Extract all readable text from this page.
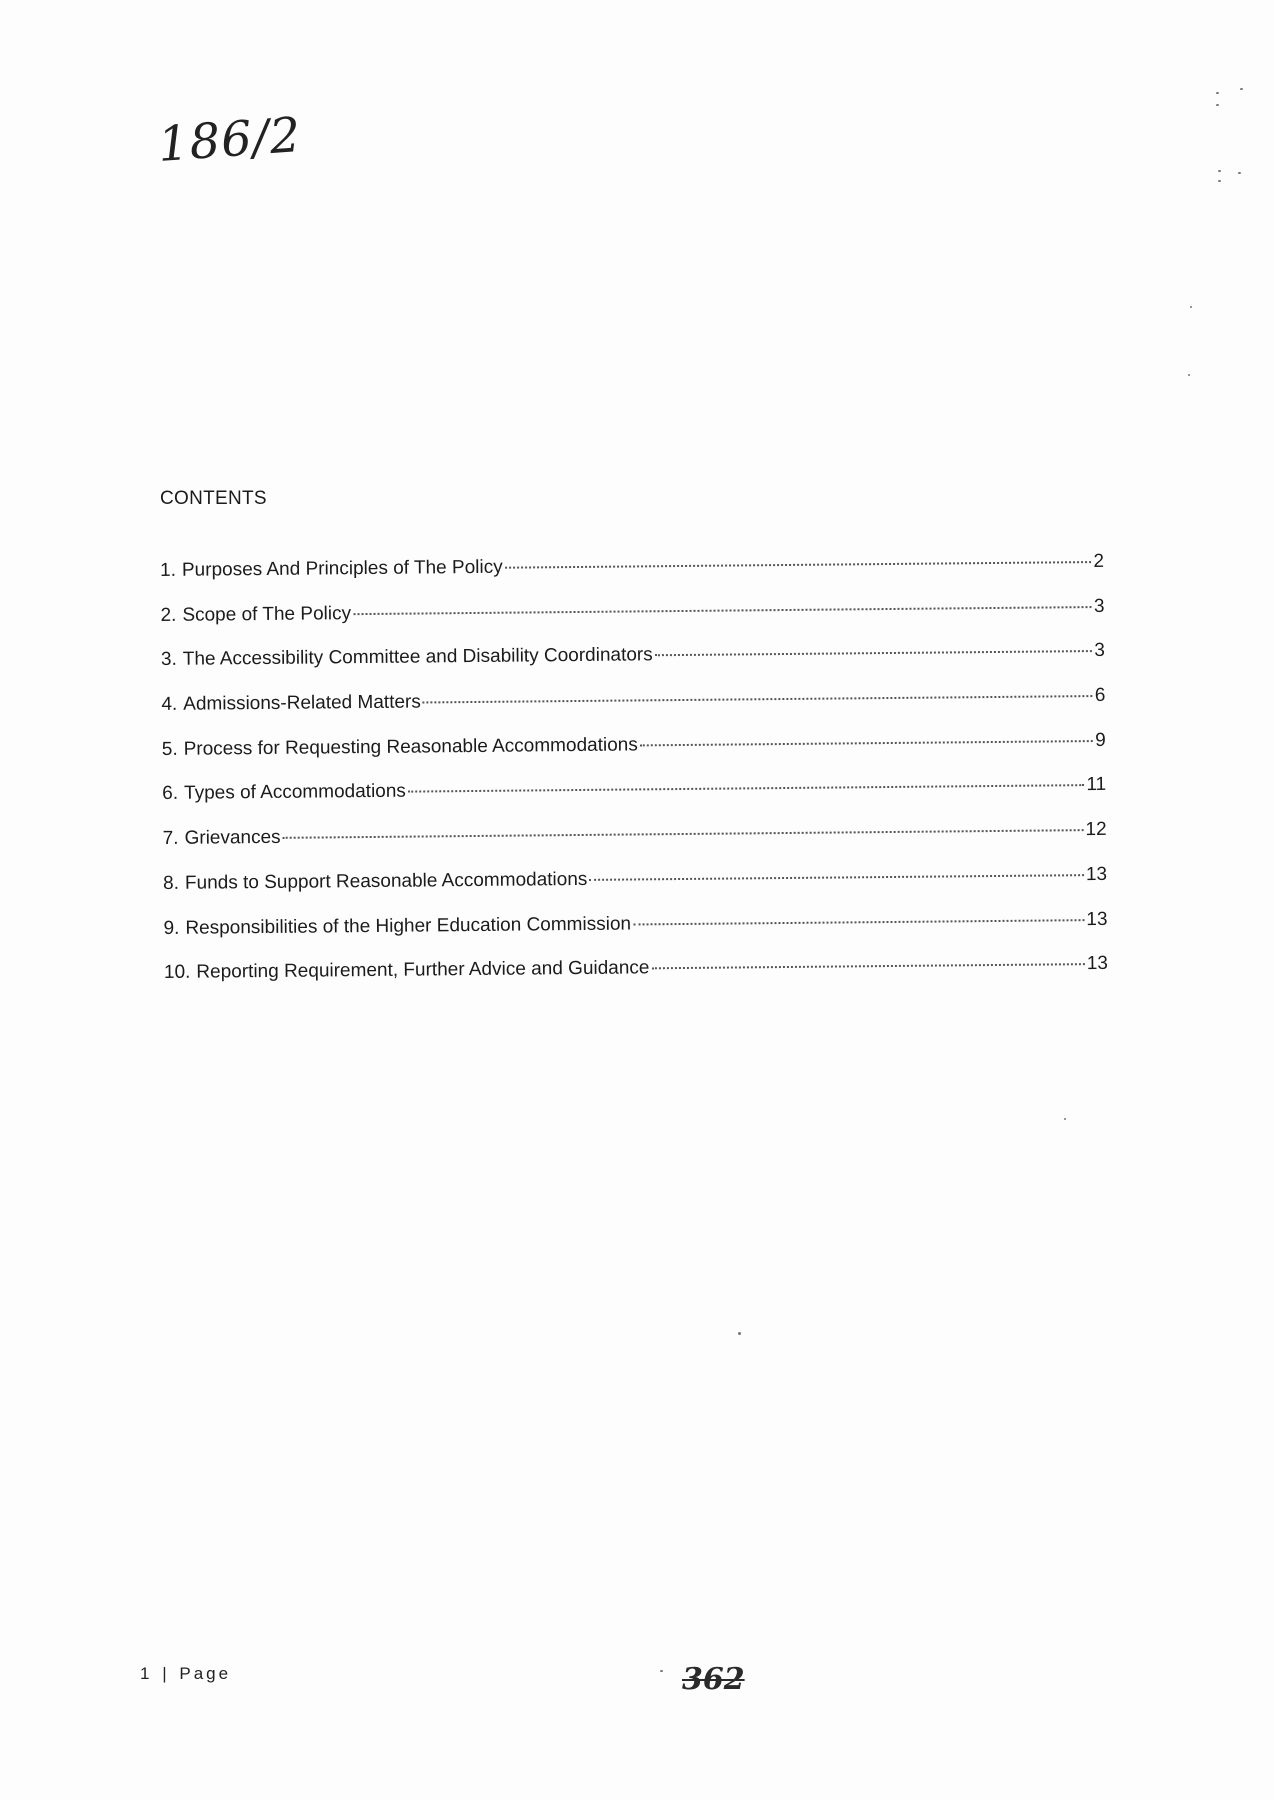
186/2
CONTENTS
1. Purposes And Principles of The Policy	2
2. Scope of The Policy	3
3. The Accessibility Committee and Disability Coordinators	3
4. Admissions-Related Matters	6
5. Process for Requesting Reasonable Accommodations	9
6. Types of Accommodations	11
7. Grievances	12
8. Funds to Support Reasonable Accommodations	13
9. Responsibilities of the Higher Education Commission	13
10. Reporting Requirement, Further Advice and Guidance	13
1 | Page	362
